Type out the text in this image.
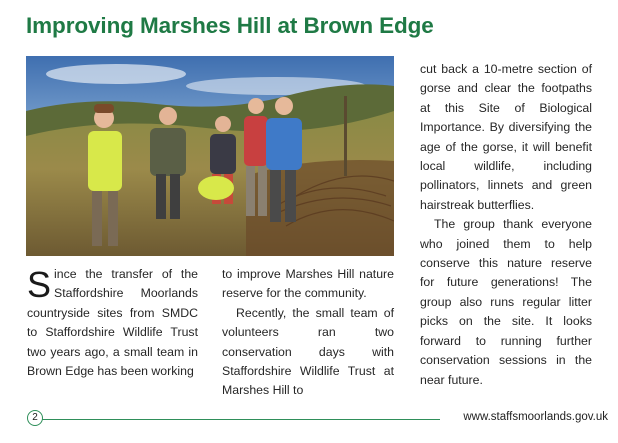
Improving Marshes Hill at Brown Edge

Since the transfer of the Staffordshire Moorlands countryside sites from SMDC to Staffordshire Wildlife Trust two years ago, a small team in Brown Edge has been working

to improve Marshes Hill nature reserve for the community.

Recently, the small team of volunteers ran two conservation days with Staffordshire Wildlife Trust at Marshes Hill to

cut back a 10-metre section of gorse and clear the footpaths at this Site of Biological Importance. By diversifying the age of the gorse, it will benefit local wildlife, including pollinators, linnets and green hairstreak butterflies.

The group thank everyone who joined them to help conserve this nature reserve for future generations! The group also runs regular litter picks on the site. It looks forward to running further conservation sessions in the near future.

2	www.staffsmoorlands.gov.uk
